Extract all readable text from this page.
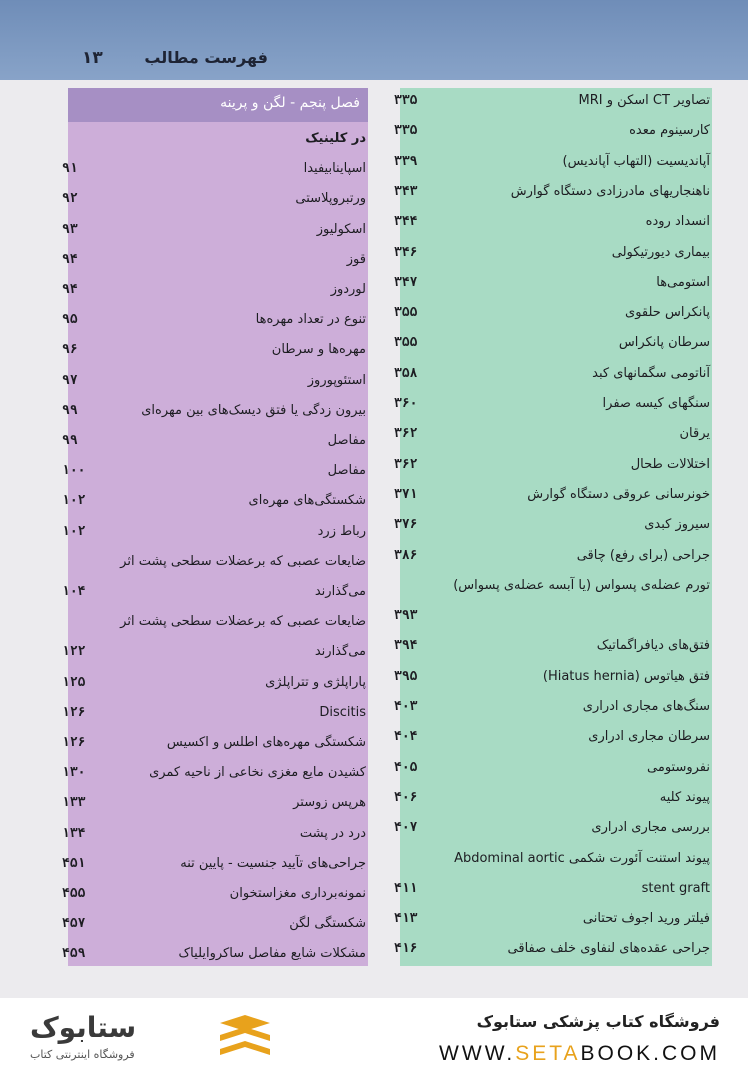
فهرست مطالب
۱۳
فصل پنجم - لگن و پرینه	تصاویر CT اسکن و MRI
۳۳۵
کارسینوم معده
۳۳۵
آپاندیسیت (التهاب آپاندیس)
۳۳۹
ناهنجاریهای مادرزادی دستگاه گوارش
۳۴۳
انسداد روده
۳۴۴
بیماری دیورتیکولی
۳۴۶
استومی‌ها
۳۴۷
پانکراس حلقوی
۳۵۵
سرطان پانکراس
۳۵۵
آناتومی سگمانهای کبد
۳۵۸
سنگهای کیسه صفرا
۳۶۰
یرقان
۳۶۲
اختلالات طحال
۳۶۲
خونرسانی عروقی دستگاه گوارش
۳۷۱
سیروز کبدی
۳۷۶
جراحی (برای رفع) چاقی
۳۸۶
تورم عضله‌ی پسواس (یا آبسه عضله‌ی پسواس)
۳۹۳
فتق‌های دیافراگماتیک
۳۹۴
فتق هیاتوس (Hiatus hernia)
۳۹۵
سنگ‌های مجاری ادراری
۴۰۳
سرطان مجاری ادراری
۴۰۴
نفروستومی
۴۰۵
پیوند کلیه
۴۰۶
بررسی مجاری ادراری
۴۰۷
پیوند استنت آئورت شکمی Abdominal aortic
stent graft
۴۱۱
فیلتر ورید اجوف تحتانی
۴۱۳
جراحی عقده‌های لنفاوی خلف صفاقی
۴۱۶
در کلینیک
اسپاینابیفیدا
۹۱
ورتبروپلاستی
۹۲
اسکولیوز
۹۳
قوز
۹۴
لوردوز
۹۴
تنوع در تعداد مهره‌ها
۹۵
مهره‌ها و سرطان
۹۶
استئوپوروز
۹۷
بیرون زدگی یا فتق دیسک‌های بین مهره‌ای
۹۹
مفاصل
۹۹
مفاصل
۱۰۰
شکستگی‌های مهره‌ای
۱۰۲
رباط زرد
۱۰۲
ضایعات عصبی که برعضلات سطحی پشت اثر
می‌گذارند
۱۰۴
ضایعات عصبی که برعضلات سطحی پشت اثر
می‌گذارند
۱۲۲
پاراپلژی و تتراپلژی
۱۲۵
Discitis
۱۲۶
شکستگی مهره‌های اطلس و اکسیس
۱۲۶
کشیدن مایع مغزی نخاعی از ناحیه کمری
۱۳۰
هرپس زوستر
۱۳۳
درد در پشت
۱۳۴
جراحی‌های تآیید جنسیت - پایین تنه
۴۵۱
نمونه‌برداری مغزاستخوان
۴۵۵
شکستگی لگن
۴۵۷
مشکلات شایع مفاصل ساکروایلیاک
۴۵۹
ستابوک
فروشگاه اینترنتی کتاب
فروشگاه کتاب پزشکی ستابوک
WWW.SETABOOK.COM
